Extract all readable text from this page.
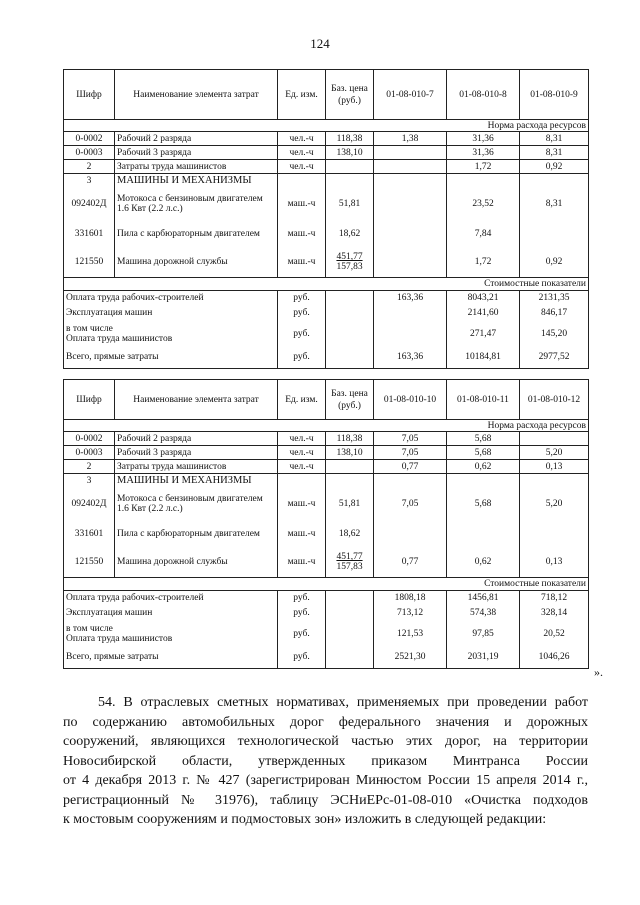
124
Шифр	Наименование элемента затрат	Ед. изм.	Баз. цена (руб.)	01-08-010-7	01-08-010-8	01-08-010-9
Норма расхода ресурсов						
0-0002	Рабочий 2 разряда	чел.-ч	118,38	1,38	31,36	8,31
0-0003	Рабочий 3 разряда	чел.-ч	138,10		31,36	8,31
2	Затраты труда машинистов	чел.-ч			1,72	0,92
3	МАШИНЫ И МЕХАНИЗМЫ					
092402Д	Мотокоса с бензиновым двигателем 1.6 Квт (2.2 л.с.)	маш.-ч	51,81		23,52	8,31
331601	Пила с карбюраторным двигателем	маш.-ч	18,62		7,84	
121550	Машина дорожной службы	маш.-ч	451,77
157,83		1,72	0,92
Стоимостные показатели						
Оплата труда рабочих-строителей		руб.		163,36	8043,21	2131,35
Эксплуатация машин		руб.			2141,60	846,17

в том числе
Оплата труда машинистов		руб.			271,47	145,20
Всего, прямые затраты		руб.		163,36	10184,81	2977,52
Шифр	Наименование элемента затрат	Ед. изм.	Баз. цена (руб.)	01-08-010-10	01-08-010-11	01-08-010-12
Норма расхода ресурсов						
0-0002	Рабочий 2 разряда	чел.-ч	118,38	7,05	5,68	
0-0003	Рабочий 3 разряда	чел.-ч	138,10	7,05	5,68	5,20
2	Затраты труда машинистов	чел.-ч		0,77	0,62	0,13
3	МАШИНЫ И МЕХАНИЗМЫ					
092402Д	Мотокоса с бензиновым двигателем 1.6 Квт (2.2 л.с.)	маш.-ч	51,81	7,05	5,68	5,20
331601	Пила с карбюраторным двигателем	маш.-ч	18,62			
121550	Машина дорожной службы	маш.-ч	451,77
157,83	0,77	0,62	0,13
Стоимостные показатели						
Оплата труда рабочих-строителей		руб.		1808,18	1456,81	718,12
Эксплуатация машин		руб.		713,12	574,38	328,14

в том числе
Оплата труда машинистов		руб.		121,53	97,85	20,52
Всего, прямые затраты		руб.		2521,30	2031,19	1046,26
».
54. В отраслевых сметных нормативах, применяемых при проведении работ
по содержанию автомобильных дорог федерального значения и дорожных
сооружений, являющихся технологической частью этих дорог, на территории
Новосибирской области, утвержденных приказом Минтранса России
от 4 декабря 2013 г. № 427 (зарегистрирован Минюстом России 15 апреля 2014 г.,
регистрационный № 31976), таблицу ЭСНиЕРс-01-08-010 «Очистка подходов
к мостовым сооружениям и подмостовых зон» изложить в следующей редакции:
